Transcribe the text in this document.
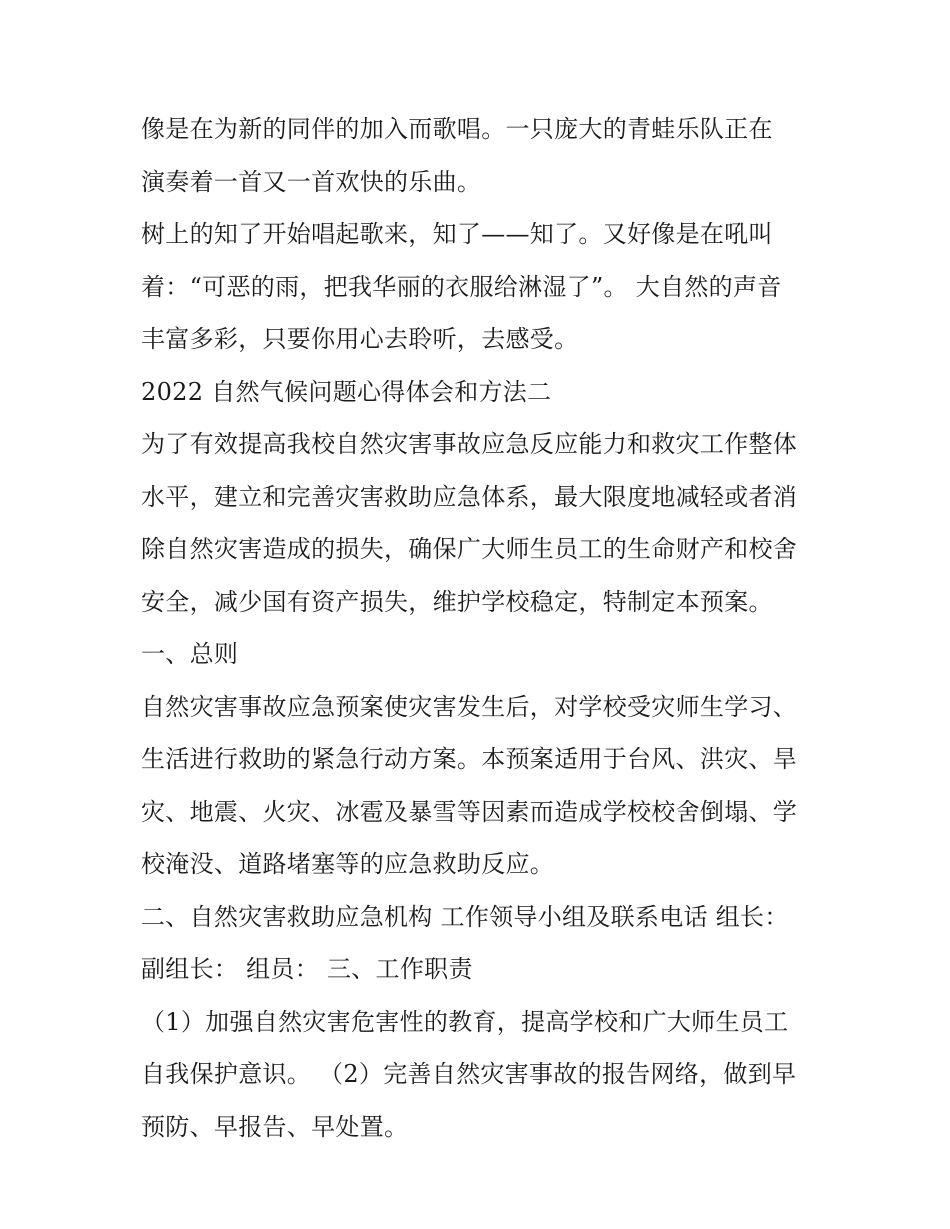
像是在为新的同伴的加入而歌唱。一只庞大的青蛙乐队正在
演奏着一首又一首欢快的乐曲。
树上的知了开始唱起歌来，知了——知了。又好像是在吼叫
着：“可恶的雨，把我华丽的衣服给淋湿了”。 大自然的声音
丰富多彩，只要你用心去聆听，去感受。
2022 自然气候问题心得体会和方法二
为了有效提高我校自然灾害事故应急反应能力和救灾工作整体
水平，建立和完善灾害救助应急体系，最大限度地减轻或者消
除自然灾害造成的损失，确保广大师生员工的生命财产和校舍
安全，减少国有资产损失，维护学校稳定，特制定本预案。
一、总则
自然灾害事故应急预案使灾害发生后，对学校受灾师生学习、
生活进行救助的紧急行动方案。本预案适用于台风、洪灾、旱
灾、地震、火灾、冰雹及暴雪等因素而造成学校校舍倒塌、学
校淹没、道路堵塞等的应急救助反应。
二、自然灾害救助应急机构 工作领导小组及联系电话 组长：
副组长： 组员： 三、工作职责
（1）加强自然灾害危害性的教育，提高学校和广大师生员工
自我保护意识。 （2）完善自然灾害事故的报告网络，做到早
预防、早报告、早处置。
